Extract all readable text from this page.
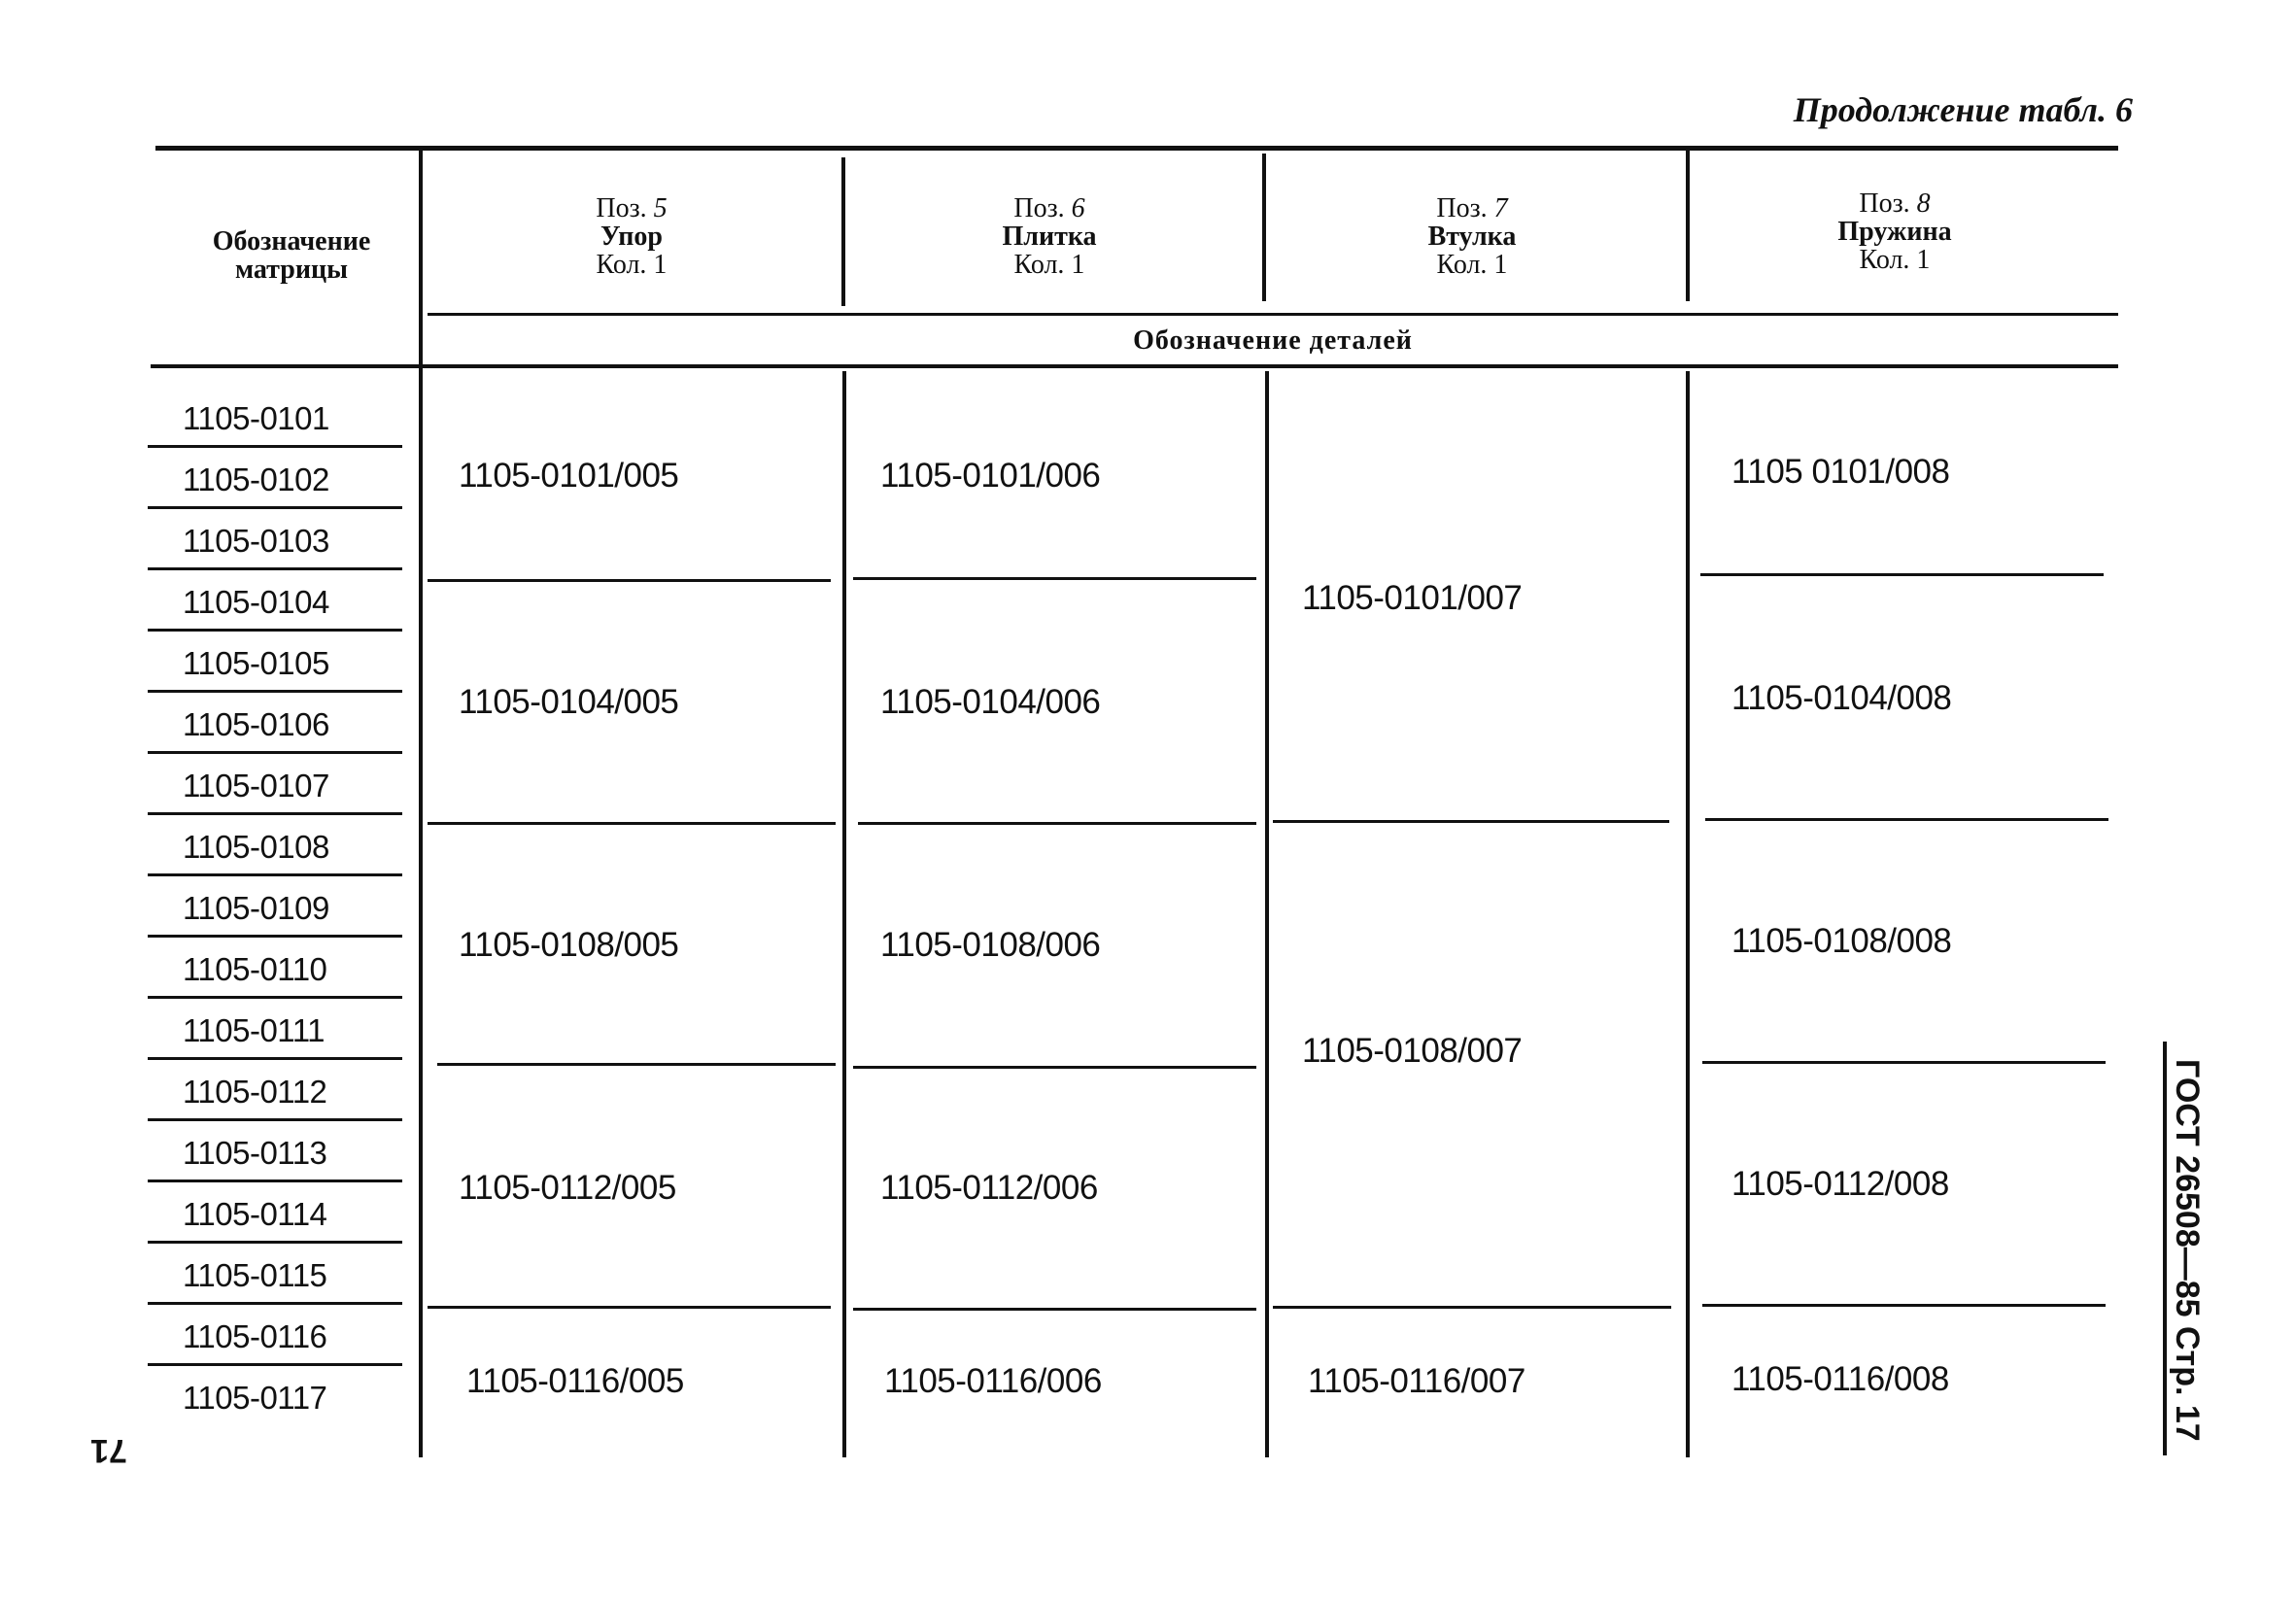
Продолжение табл. 6
Обозначение
матрицы
Поз. 5
Упор
Кол. 1
Поз. 6
Плитка
Кол. 1
Поз. 7
Втулка
Кол. 1
Поз. 8
Пружина
Кол. 1
Обозначение деталей
1105-0101
1105-0102
1105-0103
1105-0104
1105-0105
1105-0106
1105-0107
1105-0108
1105-0109
1105-0110
1105-0111
1105-0112
1105-0113
1105-0114
1105-0115
1105-0116
1105-0117
1105-0101/005
1105-0104/005
1105-0108/005
1105-0112/005
1105-0116/005
1105-0101/006
1105-0104/006
1105-0108/006
1105-0112/006
1105-0116/006
1105-0101/007
1105-0108/007
1105-0116/007
1105 0101/008
1105-0104/008
1105-0108/008
1105-0112/008
1105-0116/008	ГОСТ 26508—85 Стр. 17
71
